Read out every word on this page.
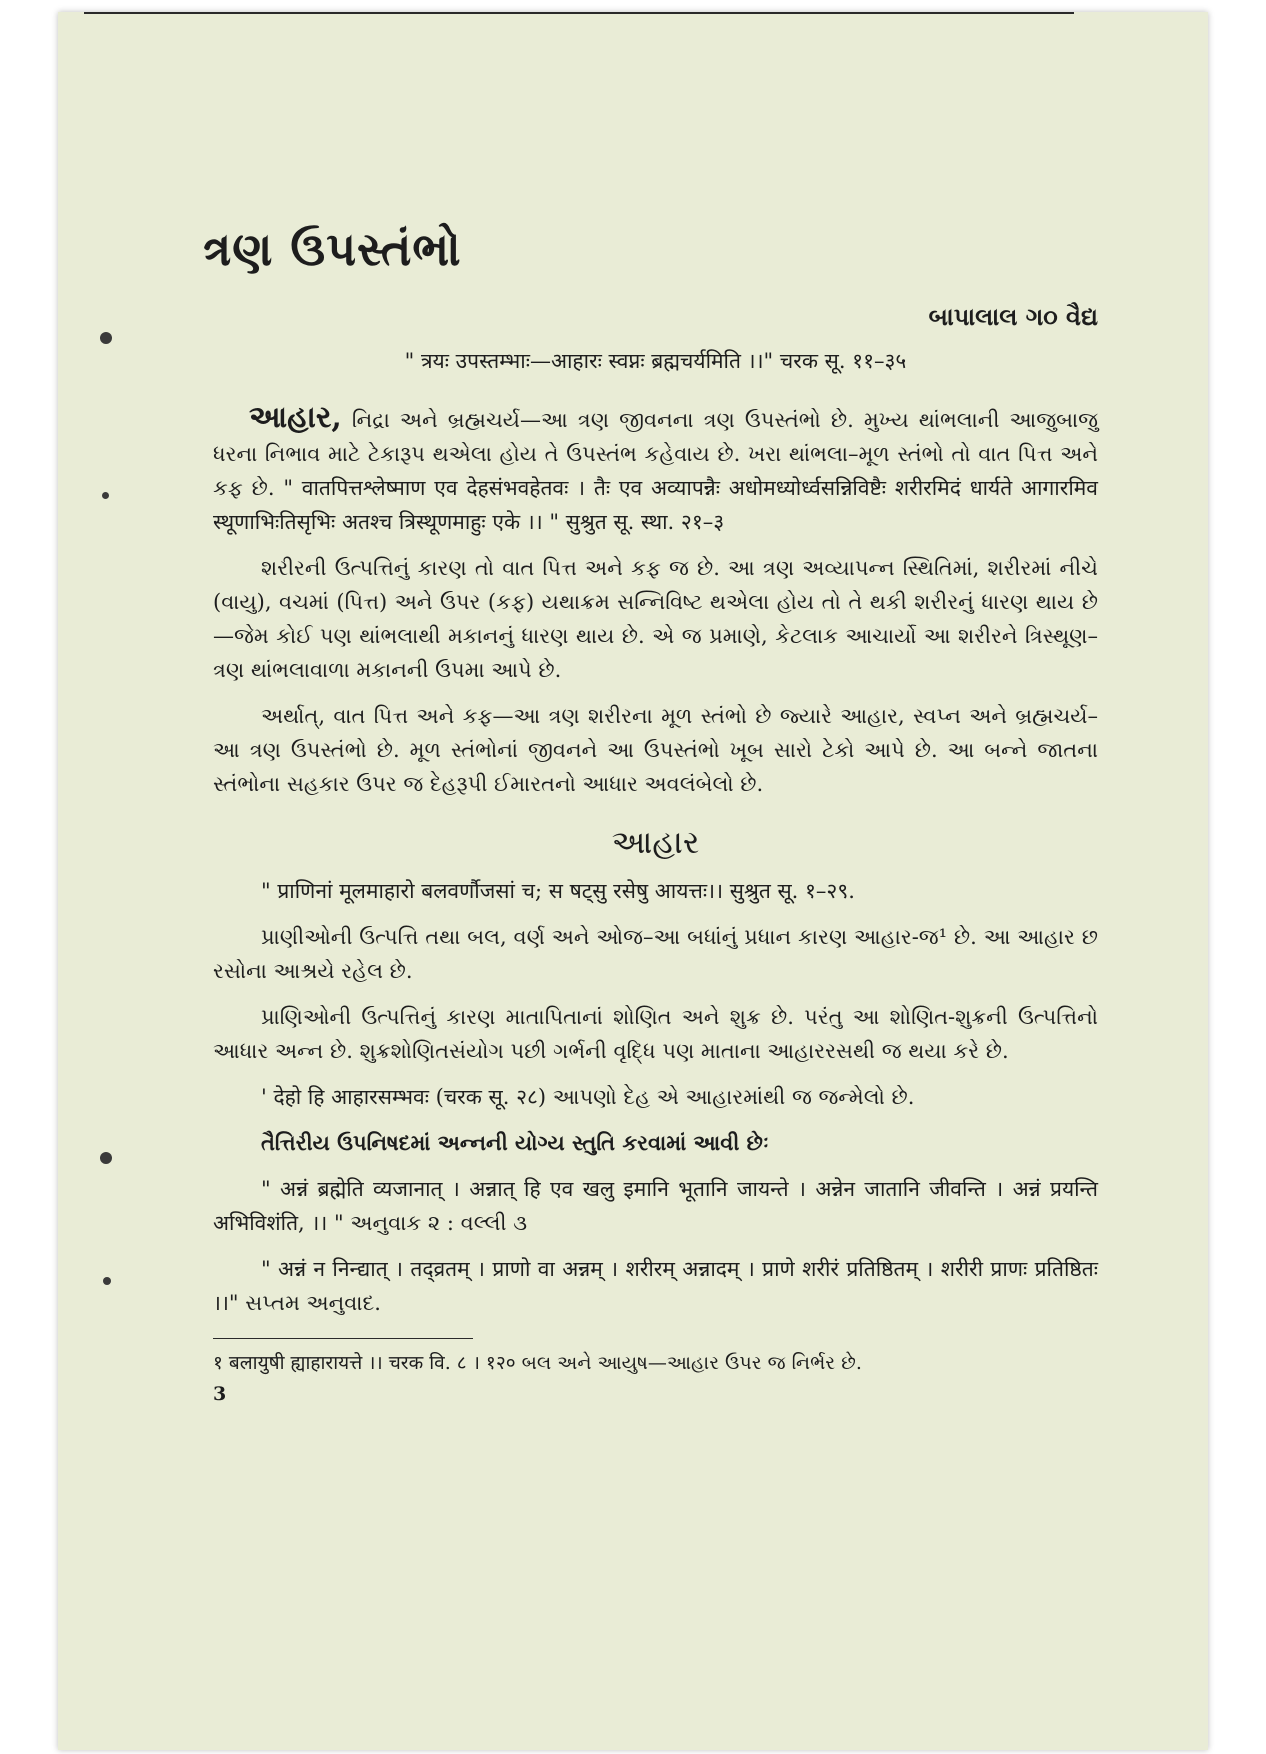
ત્રણ ઉપસ્તંભો
બાપાલાલ ગ૦ વૈદ્ય
" त्रयः उपस्तम्भाः—आहारः स्वप्नः ब्रह्मचर्यमिति ।।" चरक सू. ११–३५

આહાર, નિદ્રા અને બ્રહ્મચર્ય—આ ત્રણ જીવનના ત્રણ ઉપસ્તંભો છે. મુખ્ય થાંભલાની આજુબાજુ ધરના નિભાવ માટે ટેકારૂપ થએલા હોય તે ઉપસ્તંભ કહેવાય છે. ખરા થાંભલા–મૂળ સ્તંભો તો વાત પિત્ત અને કફ છે. " वातपित्तश्लेष्माण एव देहसंभवहेतवः । तैः एव अव्यापन्नैः अधोमध्योर्ध्वसन्निविष्टैः शरीरमिदं धार्यते आगारमिव स्थूणाभिःतिसृभिः अतश्च त्रिस्थूणमाहुः एके ।। " सुश्रुत सू. स्था. २१–३

શરીરની ઉત્પત્તિનું કારણ તો વાત પિત્ત અને કફ જ છે. આ ત્રણ અવ્યાપન્ન સ્થિતિમાં, શરીરમાં નીચે (વાયુ), વચમાં (પિત્ત) અને ઉપર (કફ) યથાક્રમ સન્નિવિષ્ટ થએલા હોય તો તે થકી શરીરનું ધારણ થાય છે—જેમ કોઈ પણ થાંભલાથી મકાનનું ધારણ થાય છે. એ જ પ્રમાણે, કેટલાક આચાર્યો આ શરીરને ત્રિસ્થૂણ–ત્રણ થાંભલાવાળા મકાનની ઉપમા આપે છે.

અર્થાત્, વાત પિત્ત અને કફ—આ ત્રણ શરીરના મૂળ સ્તંભો છે જ્યારે આહાર, સ્વપ્ન અને બ્રહ્મચર્ય–આ ત્રણ ઉપસ્તંભો છે. મૂળ સ્તંભોનાં જીવનને આ ઉપસ્તંભો ખૂબ સારો ટેકો આપે છે. આ બન્ને જાતના સ્તંભોના સહકાર ઉપર જ દેહરૂપી ઈમારતનો આધાર અવલંબેલો છે.

આહાર

" प्राणिनां मूलमाहारो बलवर्णौजसां च; स षट्सु रसेषु आयत्तः।। सुश्रुत सू. १–२९.

પ્રાણીઓની ઉત્પત્તિ તથા બલ, વર્ણ અને ઓજ–આ બધાંનું પ્રધાન કારણ આહાર-જ¹ છે. આ આહાર છ રસોના આશ્રયે રહેલ છે.

પ્રાણિઓની ઉત્પત્તિનું કારણ માતાપિતાનાં શોણિત અને શુક્ર છે. પરંતુ આ શોણિત-શુક્રની ઉત્પત્તિનો આધાર અન્ન છે. શુક્રશોણિતસંયોગ પછી ગર્ભની વૃદ્ધિ પણ માતાના આહારરસથી જ થયા કરે છે.

' देहो हि आहारसम्भवः (चरक सू. २८) આપણો દેહ એ આહારમાંથી જ જન્મેલો છે.

તૈત્તિરીય ઉપનિષદમાં અન્નની યોગ્ય સ્તુતિ કરવામાં આવી છેઃ

" अन्नं ब्रह्मेति व्यजानात् । अन्नात् हि एव खलु इमानि भूतानि जायन्ते । अन्नेन जातानि जीवन्ति । अन्नं प्रयन्ति अभिविशंति, ।। " અનુવાક ૨ : વલ્લી ૩

" अन्नं न निन्द्यात् । तद्व्रतम् । प्राणो वा अन्नम् । शरीरम् अन्नादम् । प्राणे शरीरं प्रतिष्ठितम् । शरीरी प्राणः प्रतिष्ठितः ।।" સપ્તમ અનુવાદ.

१ बलायुषी ह्याहारायत्ते ।। चरक वि. ८ । १२० બલ અને આયુષ—આહાર ઉપર જ નિર્ભર છે.
3
